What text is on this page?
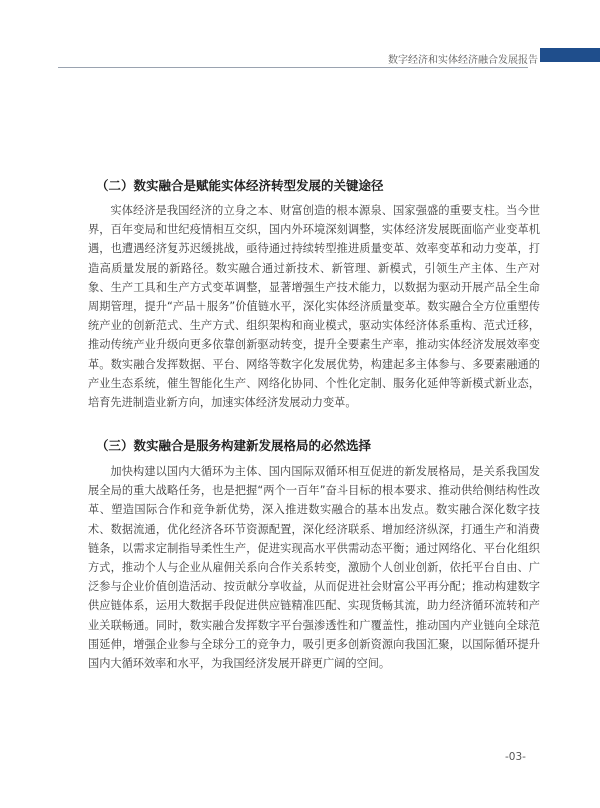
数字经济和实体经济融合发展报告
（二）数实融合是赋能实体经济转型发展的关键途径

实体经济是我国经济的立身之本、财富创造的根本源泉、国家强盛的重要支柱。当今世界，百年变局和世纪疫情相互交织，国内外环境深刻调整，实体经济发展既面临产业变革机遇，也遭遇经济复苏迟缓挑战，亟待通过持续转型推进质量变革、效率变革和动力变革，打造高质量发展的新路径。数实融合通过新技术、新管理、新模式，引领生产主体、生产对象、生产工具和生产方式变革调整，显著增强生产技术能力，以数据为驱动开展产品全生命周期管理，提升“产品＋服务”价值链水平，深化实体经济质量变革。数实融合全方位重塑传统产业的创新范式、生产方式、组织架构和商业模式，驱动实体经济体系重构、范式迁移，推动传统产业升级向更多依靠创新驱动转变，提升全要素生产率，推动实体经济发展效率变革。数实融合发挥数据、平台、网络等数字化发展优势，构建起多主体参与、多要素融通的产业生态系统，催生智能化生产、网络化协同、个性化定制、服务化延伸等新模式新业态，培育先进制造业新方向，加速实体经济发展动力变革。

（三）数实融合是服务构建新发展格局的必然选择

加快构建以国内大循环为主体、国内国际双循环相互促进的新发展格局，是关系我国发展全局的重大战略任务，也是把握“两个一百年”奋斗目标的根本要求、推动供给侧结构性改革、塑造国际合作和竞争新优势，深入推进数实融合的基本出发点。数实融合深化数字技术、数据流通，优化经济各环节资源配置，深化经济联系、增加经济纵深，打通生产和消费链条，以需求定制指导柔性生产，促进实现高水平供需动态平衡；通过网络化、平台化组织方式，推动个人与企业从雇佣关系向合作关系转变，激励个人创业创新，依托平台自由、广泛参与企业价值创造活动、按贡献分享收益，从而促进社会财富公平再分配；推动构建数字供应链体系，运用大数据手段促进供应链精准匹配、实现货畅其流，助力经济循环流转和产业关联畅通。同时，数实融合发挥数字平台强渗透性和广覆盖性，推动国内产业链向全球范围延伸，增强企业参与全球分工的竞争力，吸引更多创新资源向我国汇聚，以国际循环提升国内大循环效率和水平，为我国经济发展开辟更广阔的空间。

-03-
